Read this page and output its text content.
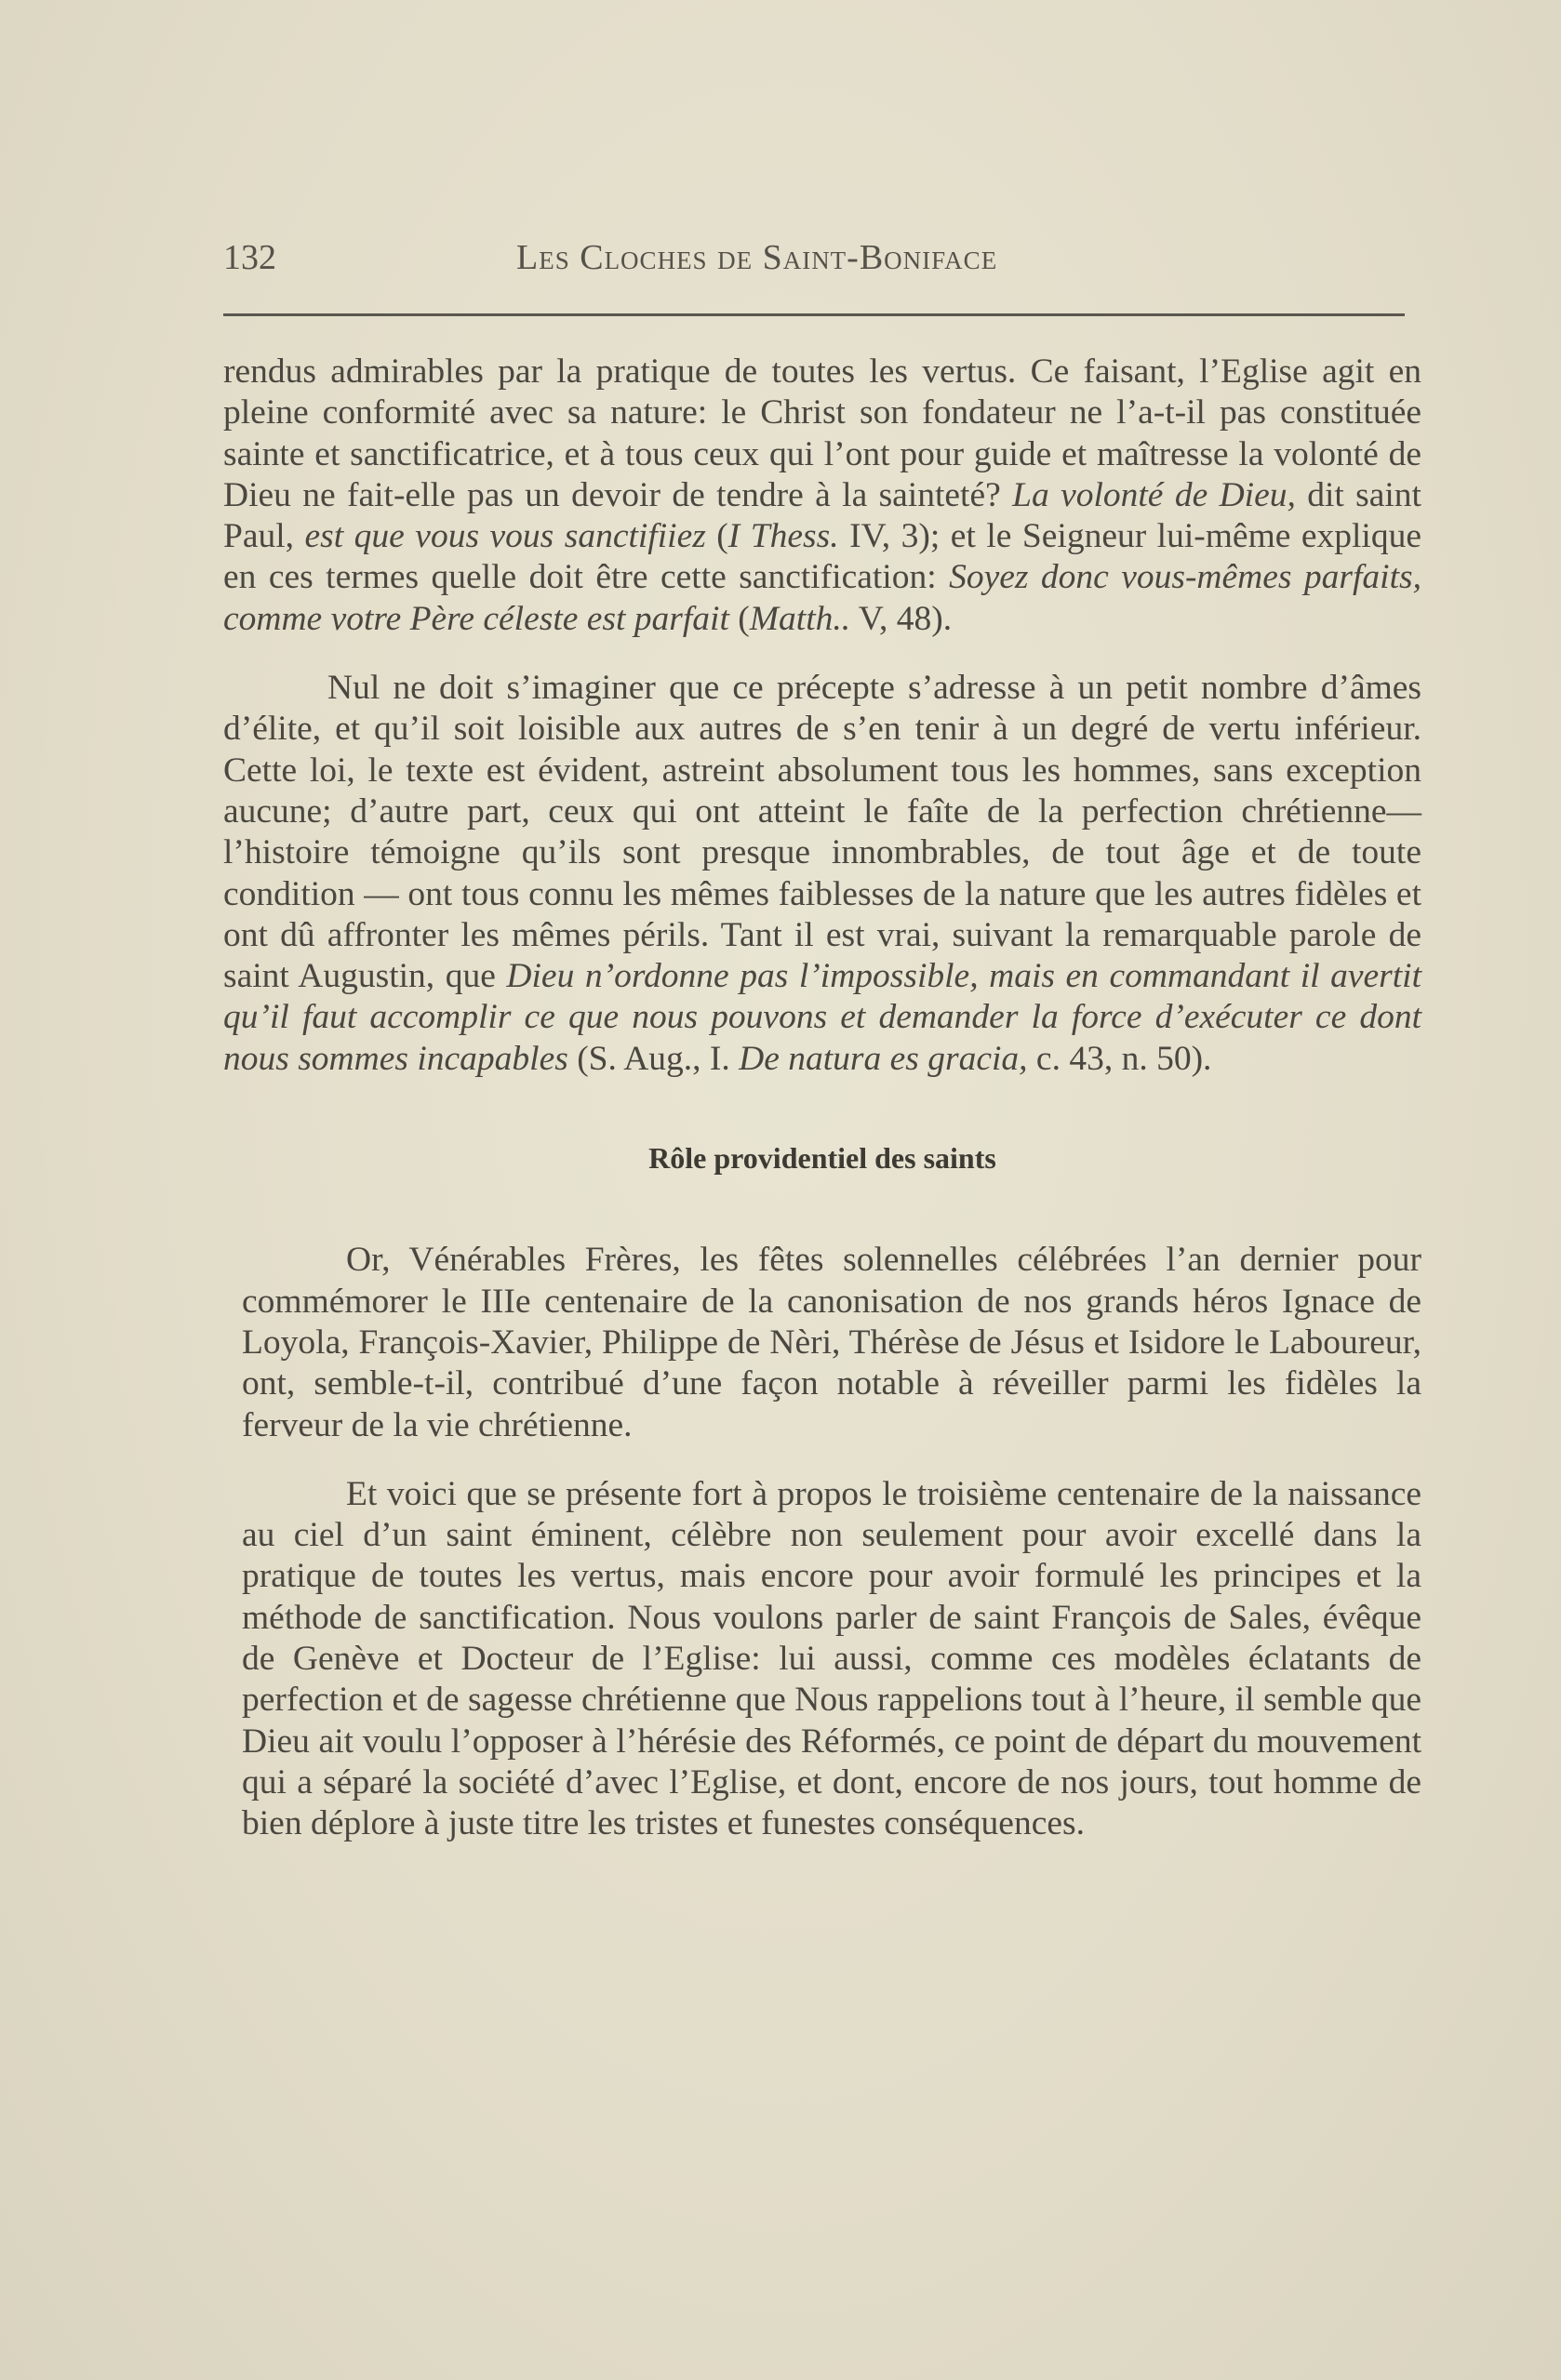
132	Les Cloches de Saint-Boniface

rendus admirables par la pratique de toutes les vertus. Ce faisant, l’Eglise agit en pleine conformité avec sa nature: le Christ son fondateur ne l’a-t-il pas constituée sainte et sanctificatrice, et à tous ceux qui l’ont pour guide et maîtresse la volonté de Dieu ne fait-elle pas un devoir de tendre à la sainteté? La volonté de Dieu, dit saint Paul, est que vous vous sanctifiiez (I Thess. IV, 3); et le Seigneur lui-même explique en ces termes quelle doit être cette sanctification: Soyez donc vous-mêmes parfaits, comme votre Père céleste est parfait (Matth.. V, 48).

Nul ne doit s’imaginer que ce précepte s’adresse à un petit nombre d’âmes d’élite, et qu’il soit loisible aux autres de s’en tenir à un degré de vertu inférieur. Cette loi, le texte est évident, astreint absolument tous les hommes, sans exception aucune; d’autre part, ceux qui ont atteint le faîte de la perfection chrétienne—l’histoire témoigne qu’ils sont presque innombrables, de tout âge et de toute condition — ont tous connu les mêmes faiblesses de la nature que les autres fidèles et ont dû affronter les mêmes périls. Tant il est vrai, suivant la remarquable parole de saint Augustin, que Dieu n’ordonne pas l’impossible, mais en commandant il avertit qu’il faut accomplir ce que nous pouvons et demander la force d’exécuter ce dont nous sommes incapables (S. Aug., I. De natura es gracia, c. 43, n. 50).

Rôle providentiel des saints

Or, Vénérables Frères, les fêtes solennelles célébrées l’an dernier pour commémorer le IIIe centenaire de la canonisation de nos grands héros Ignace de Loyola, François-Xavier, Philippe de Nèri, Thérèse de Jésus et Isidore le Laboureur, ont, semble-t-il, contribué d’une façon notable à réveiller parmi les fidèles la ferveur de la vie chrétienne.

Et voici que se présente fort à propos le troisième centenaire de la naissance au ciel d’un saint éminent, célèbre non seulement pour avoir excellé dans la pratique de toutes les vertus, mais encore pour avoir formulé les principes et la méthode de sanctification. Nous voulons parler de saint François de Sales, évêque de Genève et Docteur de l’Eglise: lui aussi, comme ces modèles éclatants de perfection et de sagesse chrétienne que Nous rappelions tout à l’heure, il semble que Dieu ait voulu l’opposer à l’hérésie des Réformés, ce point de départ du mouvement qui a séparé la société d’avec l’Eglise, et dont, encore de nos jours, tout homme de bien déplore à juste titre les tristes et funestes conséquences.
